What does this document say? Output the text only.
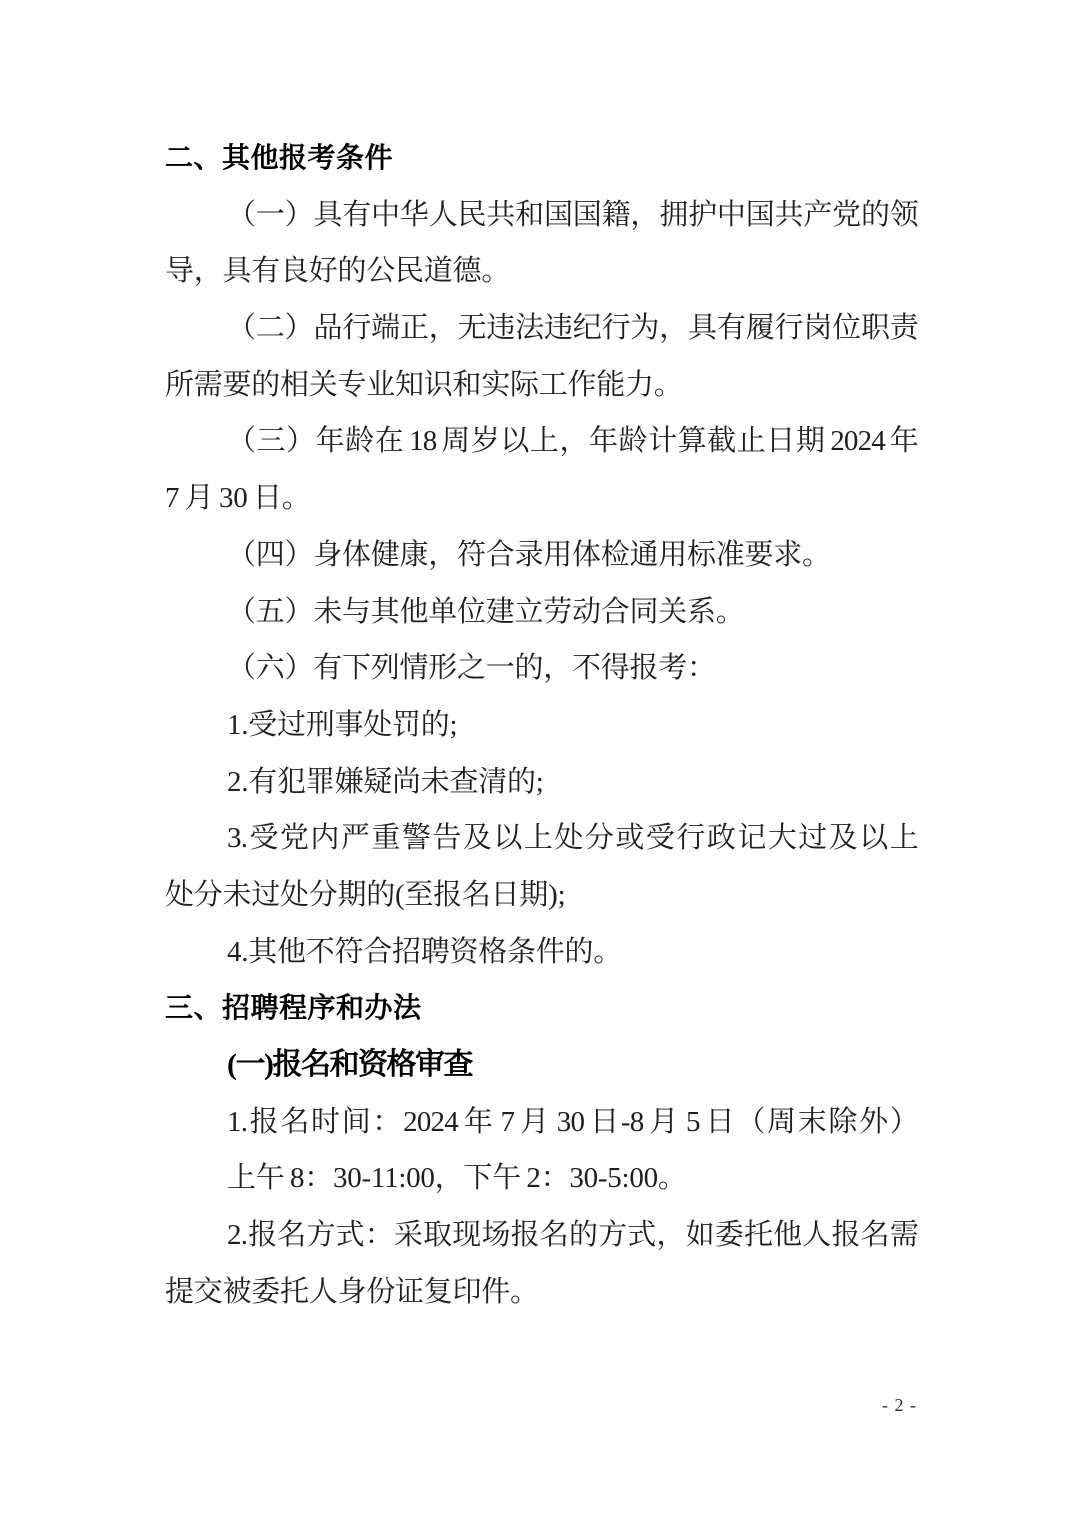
二、其他报考条件
（一）具有中华人民共和国国籍，拥护中国共产党的领
导，具有良好的公民道德。
（二）品行端正，无违法违纪行为，具有履行岗位职责
所需要的相关专业知识和实际工作能力。
（三）年龄在 18 周岁以上，年龄计算截止日期 2024 年
7 月 30 日。
（四）身体健康，符合录用体检通用标准要求。
（五）未与其他单位建立劳动合同关系。
（六）有下列情形之一的，不得报考：
1.受过刑事处罚的;
2.有犯罪嫌疑尚未查清的;
3.受党内严重警告及以上处分或受行政记大过及以上
处分未过处分期的(至报名日期);
4.其他不符合招聘资格条件的。
三、招聘程序和办法
(一)报名和资格审查
1.报名时间：2024 年 7 月 30 日-8 月 5 日（周末除外）
上午 8：30-11:00，下午 2：30-5:00。
2.报名方式：采取现场报名的方式，如委托他人报名需
提交被委托人身份证复印件。
- 2 -
